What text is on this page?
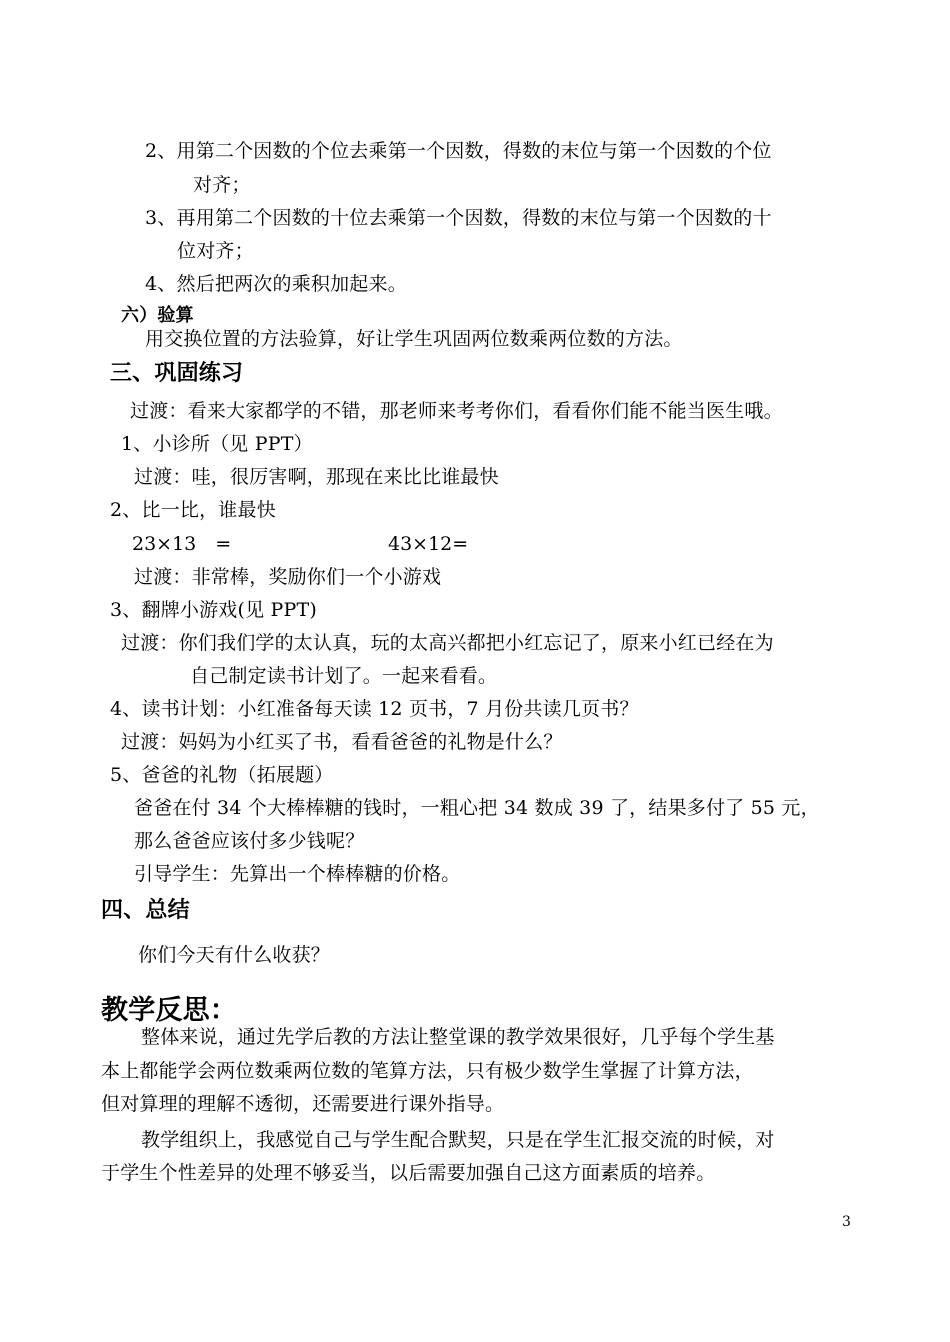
2、用第二个因数的个位去乘第一个因数，得数的末位与第一个因数的个位
对齐；
3、再用第二个因数的十位去乘第一个因数，得数的末位与第一个因数的十
位对齐；
4、然后把两次的乘积加起来。
六）验算
用交换位置的方法验算，好让学生巩固两位数乘两位数的方法。
三、巩固练习
过渡：看来大家都学的不错，那老师来考考你们，看看你们能不能当医生哦。
1、小诊所（见 PPT）
过渡：哇，很厉害啊，那现在来比比谁最快
2、比一比，谁最快
23×13　=	43×12=
过渡：非常棒，奖励你们一个小游戏
3、翻牌小游戏(见 PPT)
过渡：你们我们学的太认真，玩的太高兴都把小红忘记了，原来小红已经在为
自己制定读书计划了。一起来看看。
4、读书计划：小红准备每天读 12 页书，7 月份共读几页书？
过渡：妈妈为小红买了书，看看爸爸的礼物是什么？
5、爸爸的礼物（拓展题）
爸爸在付 34 个大棒棒糖的钱时，一粗心把 34 数成 39 了，结果多付了 55 元，
那么爸爸应该付多少钱呢？
引导学生：先算出一个棒棒糖的价格。
四、总结
你们今天有什么收获？
教学反思：
整体来说，通过先学后教的方法让整堂课的教学效果很好，几乎每个学生基
本上都能学会两位数乘两位数的笔算方法，只有极少数学生掌握了计算方法，
但对算理的理解不透彻，还需要进行课外指导。
教学组织上，我感觉自己与学生配合默契，只是在学生汇报交流的时候，对
于学生个性差异的处理不够妥当，以后需要加强自己这方面素质的培养。
3
